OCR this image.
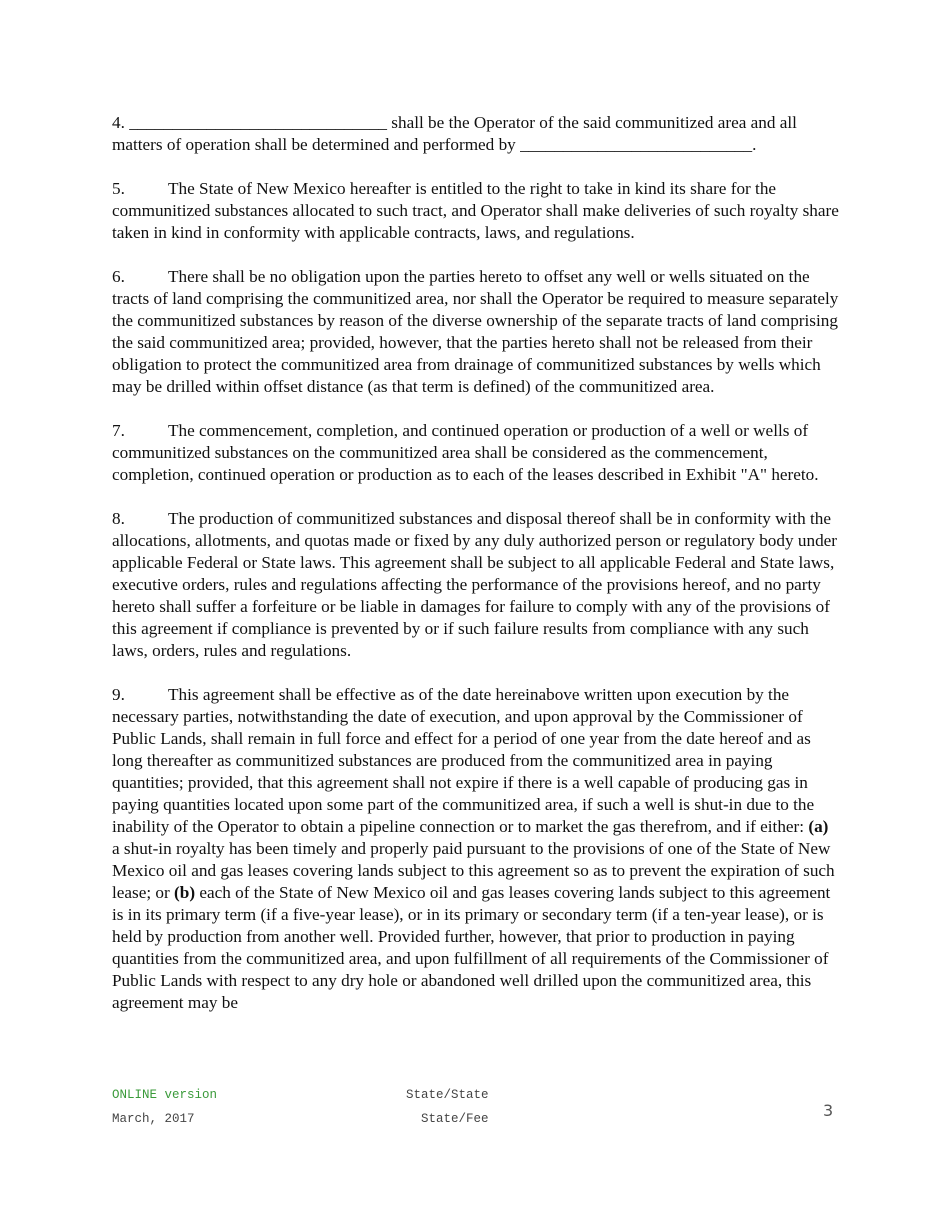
4. ______________________________ shall be the Operator of the said communitized area and all matters of operation shall be determined and performed by ___________________________.

5.	The State of New Mexico hereafter is entitled to the right to take in kind its share for the communitized substances allocated to such tract, and Operator shall make deliveries of such royalty share taken in kind in conformity with applicable contracts, laws, and regulations.

6.	There shall be no obligation upon the parties hereto to offset any well or wells situated on the tracts of land comprising the communitized area, nor shall the Operator be required to measure separately the communitized substances by reason of the diverse ownership of the separate tracts of land comprising the said communitized area; provided, however, that the parties hereto shall not be released from their obligation to protect the communitized area from drainage of communitized substances by wells which may be drilled within offset distance (as that term is defined) of the communitized area.

7.	The commencement, completion, and continued operation or production of a well or wells of communitized substances on the communitized area shall be considered as the commencement, completion, continued operation or production as to each of the leases described in Exhibit "A" hereto.

8.	The production of communitized substances and disposal thereof shall be in conformity with the allocations, allotments, and quotas made or fixed by any duly authorized person or regulatory body under applicable Federal or State laws. This agreement shall be subject to all applicable Federal and State laws, executive orders, rules and regulations affecting the performance of the provisions hereof, and no party hereto shall suffer a forfeiture or be liable in damages for failure to comply with any of the provisions of this agreement if compliance is prevented by or if such failure results from compliance with any such laws, orders, rules and regulations.

9.	This agreement shall be effective as of the date hereinabove written upon execution by the necessary parties, notwithstanding the date of execution, and upon approval by the Commissioner of Public Lands, shall remain in full force and effect for a period of one year from the date hereof and as long thereafter as communitized substances are produced from the communitized area in paying quantities; provided, that this agreement shall not expire if there is a well capable of producing gas in paying quantities located upon some part of the communitized area, if such a well is shut-in due to the inability of the Operator to obtain a pipeline connection or to market the gas therefrom, and if either: (a) a shut-in royalty has been timely and properly paid pursuant to the provisions of one of the State of New Mexico oil and gas leases covering lands subject to this agreement so as to prevent the expiration of such lease; or (b) each of the State of New Mexico oil and gas leases covering lands subject to this agreement is in its primary term (if a five-year lease), or in its primary or secondary term (if a ten-year lease), or is held by production from another well. Provided further, however, that prior to production in paying quantities from the communitized area, and upon fulfillment of all requirements of the Commissioner of Public Lands with respect to any dry hole or abandoned well drilled upon the communitized area, this agreement may be

ONLINE version
March, 2017
State/State
State/Fee	3
